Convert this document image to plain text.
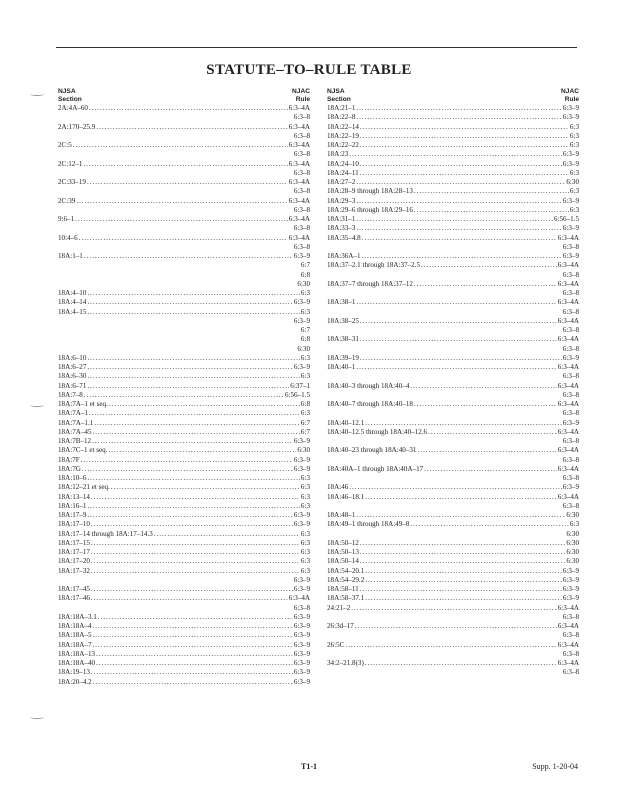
STATUTE–TO–RULE TABLE
NJSA
Section
NJAC
Rule
2A:4A–60 . . .	6:3–4A
6:3–8
2A:170–25.9 . . .	6:3–4A
6:3–8
2C:5 . . .	6:3–4A
6:3–8
2C:12–1 . . .	6:3–4A
6:3–8
2C:33–19 . . .	6:3–4A
6:3–8
2C:39 . . .	6:3–4A
6:3–8
9:6–1 . . .	6:3–4A
6:3–8
10:4–6 . . .	6:3–4A
6:3–8
18A:1–1 . . .	6:3–9
6:7
6:8
6:30
18A:4–10 . . .	6:3
18A:4–14 . . .	6:3–9
18A:4–15 . . .	6:3
6:3–9
6:7
6:8
6:30
18A:6–10 . . .	6:3
18A:6–27 . . .	6:3–9
18A:6–30 . . .	6:3
18A:6–71 . . .	6:37–1
18A:7–8 . . .	6:56–1.5
18A:7A–1 et seq. . . .	6:8
18A:7A–1 . . .	6:3
18A:7A–1.1 . . .	6:7
18A:7A–45 . . .	6:7
18A:7B–12 . . .	6:3–9
18A:7C–1 et seq. . . .	6:30
18A:7F . . .	6:3–9
18A:7G . . .	6:3–9
18A:10–6 . . .	6:3
18A:12–21 et seq. . . .	6:3
18A:13–14 . . .	6:3
18A:16–1 . . .	6:3
18A:17–9 . . .	6:3–9
18A:17–10 . . .	6:3–9
18A:17–14 through 18A:17–14.3 . . .	6:3
18A:17–15 . . .	6:3
18A:17–17 . . .	6:3
18A:17–20 . . .	6:3
18A:17–32 . . .	6:3
6:3–9
18A:17–45 . . .	6:3–9
18A:17–46 . . .	6:3–4A
6:3–8
18A:18A–3.1 . . .	6:3–9
18A:18A–4 . . .	6:3–9
18A:18A–5 . . .	6:3–9
18A:18A–7 . . .	6:3–9
18A:18A–13 . . .	6:3–9
18A:18A–40 . . .	6:3–9
18A:19–13 . . .	6:3–9
18A:20–4.2 . . .	6:3–9
NJSA
Section
NJAC
Rule
18A:21–1 . . .	6:3–9
18A:22–8 . . .	6:3–9
18A:22–14 . . .	6:3
18A:22–19 . . .	6:3
18A:22–22 . . .	6:3
18A:23 . . .	6:3–9
18A:24–10 . . .	6:3–9
18A:24–11 . . .	6:3
18A:27–2 . . .	6:30
18A:28–9 through 18A:28–13 . . .	6:3
18A:29–3 . . .	6:3–9
18A:29–6 through 18A:29–16 . . .	6:3
18A:31–1 . . .	6:56–1.5
18A:33–3 . . .	6:3–9
18A:35–4.8 . . .	6:3–4A
6:3–8
18A:36A–1 . . .	6:3–9
18A:37–2.1 through 18A:37–2.5 . . .	6:3–4A
6:3–8
18A:37–7 through 18A:37–12 . . .	6:3–4A
6:3–8
18A:38–1 . . .	6:3–4A
6:3–8
18A:38–25 . . .	6:3–4A
6:3–8
18A:38–31 . . .	6:3–4A
6:3–8
18A:39–19 . . .	6:3–9
18A:40–1 . . .	6:3–4A
6:3–8
18A:40–3 through 18A:40–4 . . .	6:3–4A
6:3–8
18A:40–7 through 18A:40–18 . . .	6:3–4A
6:3–8
18A:40–12.1 . . .	6:3–9
18A:40–12.5 through 18A:40–12.6 . . .	6:3–4A
6:3–8
18A:40–23 through 18A:40–31 . . .	6:3–4A
6:3–8
18A:40A–1 through 18A:40A–17 . . .	6:3–4A
6:3–8
18A:46 . . .	6:3–9
18A:46–18.1 . . .	6:3–4A
6:3–8
18A:48–1 . . .	6:30
18A:49–1 through 18A:49–8 . . .	6:3
6:30
18A:50–12 . . .	6:30
18A:50–13 . . .	6:30
18A:50–14 . . .	6:30
18A:54–20.1 . . .	6:3–9
18A:54–29.2 . . .	6:3–9
18A:58–11 . . .	6:3–9
18A:58–37.1 . . .	6:3–9
24:21–2 . . .	6:3–4A
6:3–8
26:3d–17 . . .	6:3–4A
6:3–8
26:5C . . .	6:3–4A
6:3–8
34:2–21.8(3) . . .	6:3–4A
6:3–8
T1-1	Supp. 1-20-04
